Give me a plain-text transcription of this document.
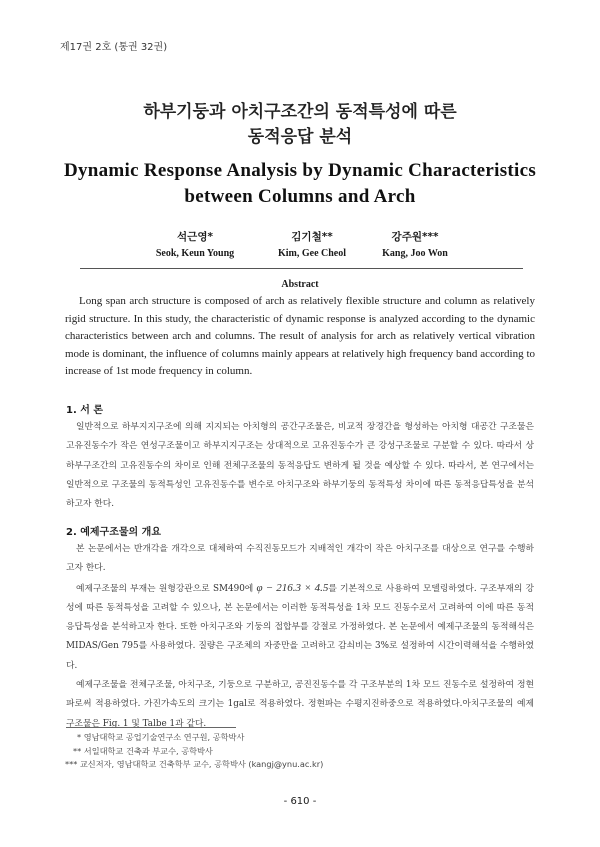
제17권 2호 (통권 32권)
하부기둥과 아치구조간의 동적특성에 따른
동적응답 분석
Dynamic Response Analysis by Dynamic Characteristics
between Columns and Arch
석근영*
Seok, Keun Young
김기철**
Kim, Gee Cheol
강주원***
Kang, Joo Won
Abstract
Long span arch structure is composed of arch as relatively flexible structure and column as relatively rigid structure. In this study, the characteristic of dynamic response is analyzed according to the dynamic characteristics between arch and columns. The result of analysis for arch as relatively vertical vibration mode is dominant, the influence of columns mainly appears at relatively high frequency band according to increase of 1st mode frequency in column.
1. 서 론

일반적으로 하부지지구조에 의해 지지되는 아치형의 공간구조물은, 비교적 장경간을 형성하는 아치형 대공간 구조물은 고유진동수가 작은 연성구조물이고 하부지지구조는 상대적으로 고유진동수가 큰 강성구조물로 구분할 수 있다. 따라서 상하부구조간의 고유진동수의 차이로 인해 전체구조물의 동적응답도 변하게 될 것을 예상할 수 있다. 따라서, 본 연구에서는 일반적으로 구조물의 동적특성인 고유진동수를 변수로 아치구조와 하부기둥의 동적특성 차이에 따른 동적응답특성을 분석하고자 한다.

2. 예제구조물의 개요

본 논문에서는 반개각을 개각으로 대체하여 수직진동모드가 지배적인 개각이 작은 아치구조를 대상으로 연구를 수행하고자 한다.

예제구조물의 부재는 원형강관으로 SM490에 φ − 216.3 × 4.5를 기본적으로 사용하여 모델링하였다. 구조부재의 강성에 따른 동적특성을 고려할 수 있으나, 본 논문에서는 이러한 동적특성을 1차 모드 진동수로서 고려하여 이에 따른 동적응답특성을 분석하고자 한다. 또한 아치구조와 기둥의 접합부를 강절로 가정하였다. 본 논문에서 예제구조물의 동적해석은 MIDAS/Gen 795를 사용하였다. 질량은 구조체의 자중만을 고려하고 감쇠비는 3%로 설정하여 시간이력해석을 수행하였다.

예제구조물을 전체구조물, 아치구조, 기둥으로 구분하고, 공진진동수를 각 구조부분의 1차 모드 진동수로 설정하여 정현파로써 적용하였다. 가진가속도의 크기는 1gal로 적용하였다. 정현파는 수평지진하중으로 적용하였다.아치구조물의 예제구조물은 Fig. 1 및 Talbe 1과 같다.

* 영남대학교 공업기술연구소 연구원, 공학박사
** 서일대학교 건축과 부교수, 공학박사
*** 교신저자, 영남대학교 건축학부 교수, 공학박사 (kangj@ynu.ac.kr)
- 610 -
